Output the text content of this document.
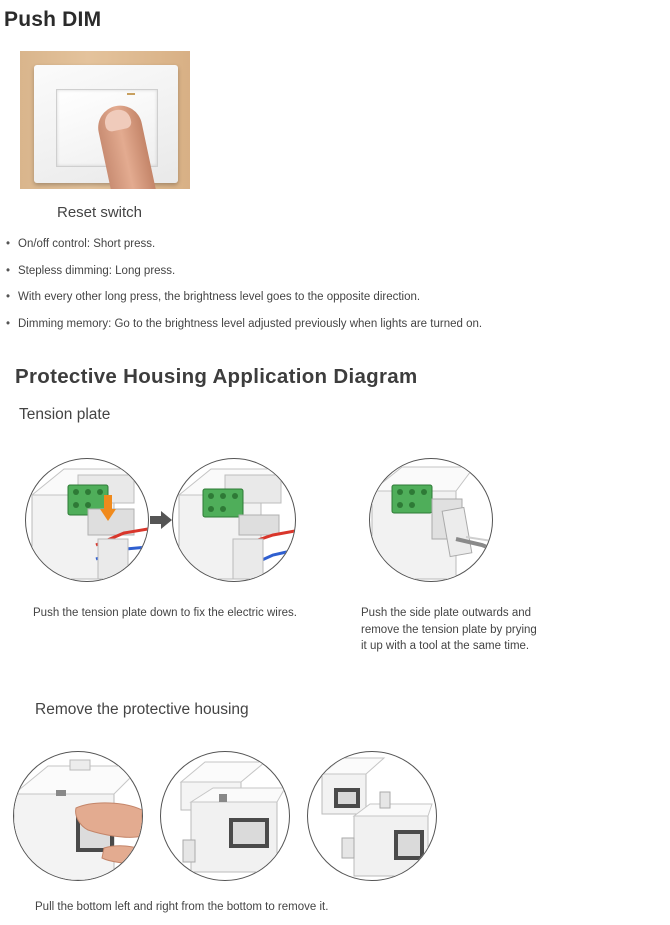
Push DIM
Reset switch
• On/off control: Short press.
• Stepless dimming: Long press.
• With every other long press, the brightness level goes to the opposite direction.
• Dimming memory: Go to the brightness level adjusted previously when lights are turned on.
Protective Housing Application Diagram
Tension plate
Push the tension plate down to fix the electric wires.	Push the side plate outwards and
remove the tension plate by prying
it up with a tool at the same time.
Remove the protective housing
Pull the bottom left and right from the bottom to remove it.
